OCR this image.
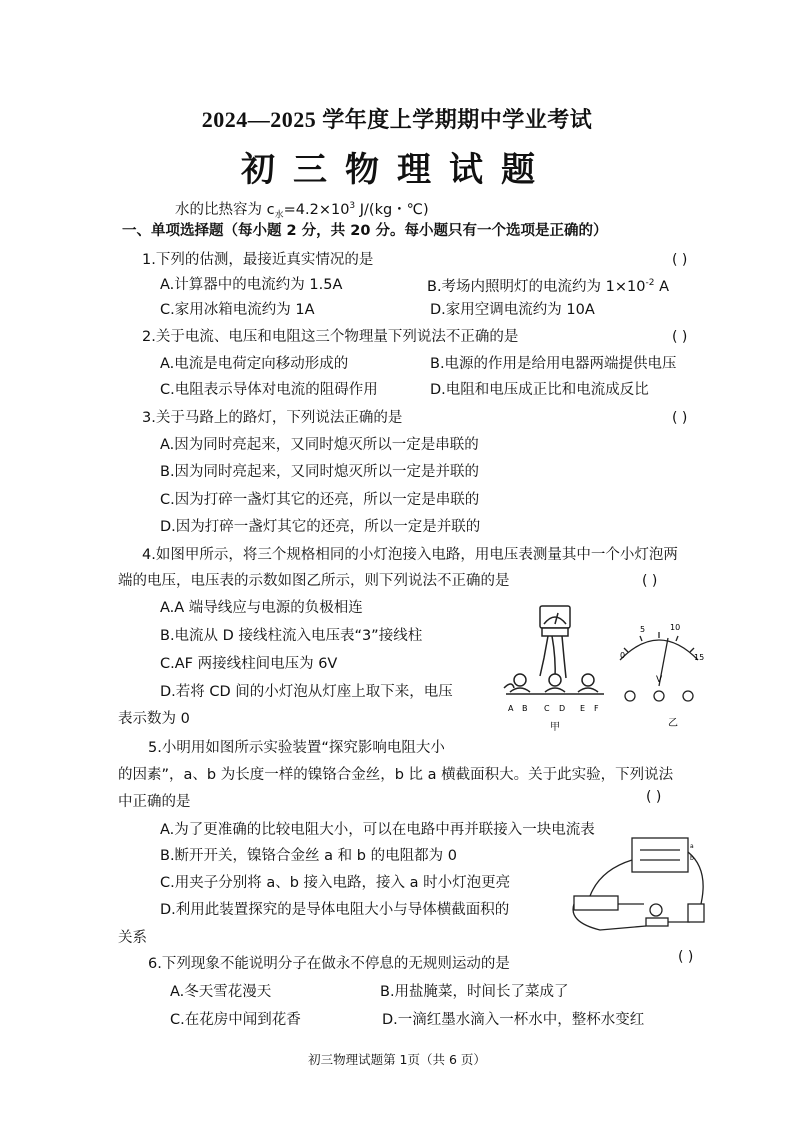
2024—2025 学年度上学期期中学业考试
初三物理试题
水的比热容为 $c_水=4.2\times 10^3$ J/(kg・℃)
一、单项选择题（每小题 2 分，共 20 分。每小题只有一个选项是正确的）
1.下列的估测，最接近真实情况的是	( )
A.计算器中的电流约为 1.5A	B.考场内照明灯的电流约为 $1\times 10^{-2}$ A
C.家用冰箱电流约为 1A	D.家用空调电流约为 10A
2.关于电流、电压和电阻这三个物理量下列说法不正确的是	( )
A.电流是电荷定向移动形成的	B.电源的作用是给用电器两端提供电压
C.电阻表示导体对电流的阻碍作用	D.电阻和电压成正比和电流成反比
3.关于马路上的路灯，下列说法正确的是	( )
A.因为同时亮起来，又同时熄灭所以一定是串联的
B.因为同时亮起来，又同时熄灭所以一定是并联的
C.因为打碎一盏灯其它的还亮，所以一定是串联的
D.因为打碎一盏灯其它的还亮，所以一定是并联的
4.如图甲所示，将三个规格相同的小灯泡接入电路，用电压表测量其中一个小灯泡两
端的电压，电压表的示数如图乙所示，则下列说法不正确的是	( )
A.A 端导线应与电源的负极相连
B.电流从 D 接线柱流入电压表“3”接线柱
C.AF 两接线柱间电压为 6V
D.若将 CD 间的小灯泡从灯座上取下来，电压
表示数为 0
A B C D E F
甲
0
5	10
15
V
乙
5.小明用如图所示实验装置“探究影响电阻大小
的因素”，a、b 为长度一样的镍铬合金丝，b 比 a 横截面积大。关于此实验，下列说法
中正确的是	( )
A.为了更准确的比较电阻大小，可以在电路中再并联接入一块电流表
B.断开开关，镍铬合金丝 a 和 b 的电阻都为 0
C.用夹子分别将 a、b 接入电路，接入 a 时小灯泡更亮
D.利用此装置探究的是导体电阻大小与导体横截面积的
关系
a
b
6.下列现象不能说明分子在做永不停息的无规则运动的是	( )
A.冬天雪花漫天	B.用盐腌菜，时间长了菜成了
C.在花房中闻到花香	D.一滴红墨水滴入一杯水中，整杯水变红
初三物理试题第 1页（共 6 页）
